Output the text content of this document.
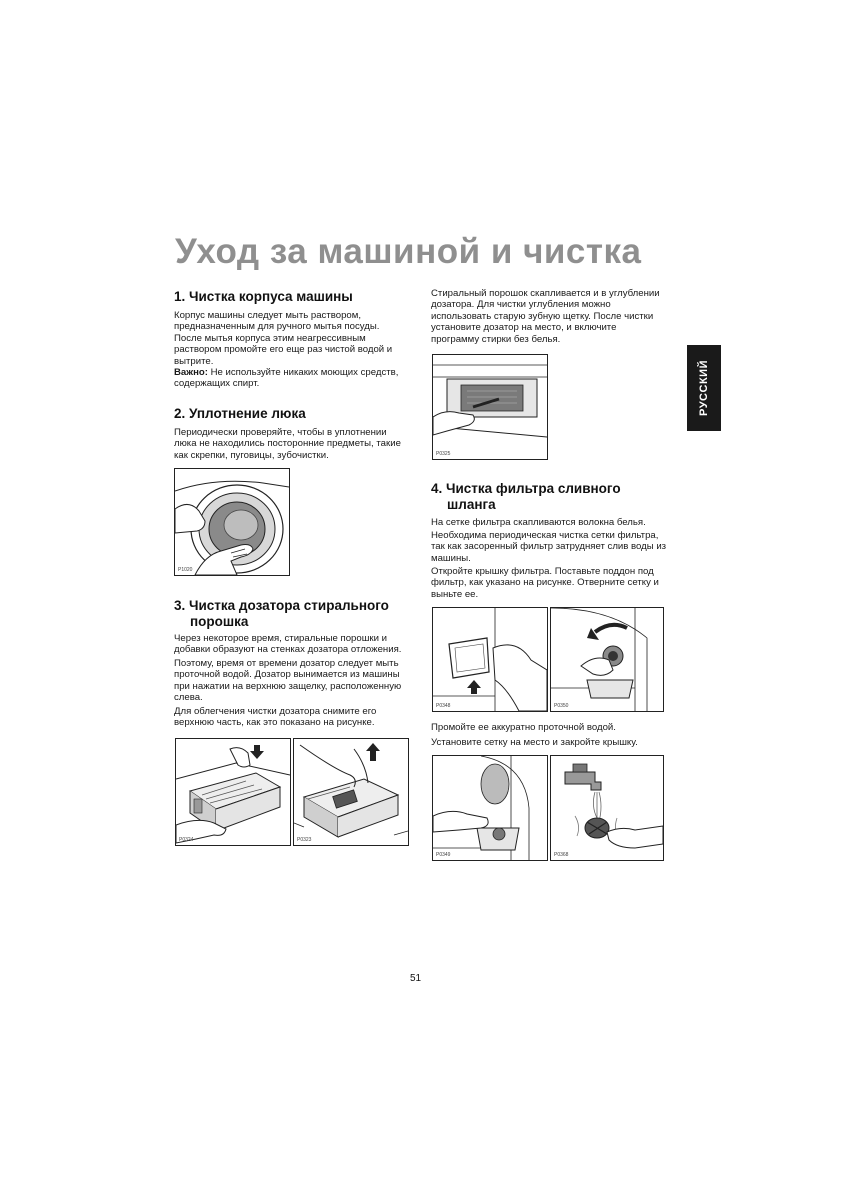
Уход за машиной и чистка
РУССКИЙ
1. Чистка корпуса машины
Корпус машины следует мыть раствором, предназначенным для ручного мытья посуды. После мытья корпуса этим неагрессивным раствором промойте его еще раз чистой водой и вытрите.
Важно: Не используйте никаких моющих средств, содержащих спирт.
2. Уплотнение люка
Периодически проверяйте, чтобы в уплотнении люка не находились посторонние предметы, такие как скрепки, пуговицы, зубочистки.
P1020
3. Чистка дозатора стирального
порошка
Через некоторое время, стиральные порошки и добавки образуют на стенках дозатора отложения.
Поэтому, время от времени дозатор следует мыть проточной водой. Дозатор вынимается из машины при нажатии на верхнюю защелку, расположенную слева.
Для облегчения чистки дозатора снимите его верхнюю часть, как это показано на рисунке.
P0324	P0323
Стиральный порошок скапливается и в углублении дозатора. Для чистки углубления можно использовать старую зубную щетку. После чистки установите дозатор на место, и включите программу стирки без белья.
P0325
4. Чистка фильтра сливного
шланга
На сетке фильтра скапливаются волокна белья.
Необходима периодическая чистка сетки фильтра, так как засоренный фильтр затрудняет слив воды из машины.
Откройте крышку фильтра. Поставьте поддон под фильтр, как указано на рисунке. Отверните сетку и выньте ее.
P0348	P0350
Промойте ее аккуратно проточной водой.
Установите сетку на место и закройте крышку.
P0349	P0368
51
